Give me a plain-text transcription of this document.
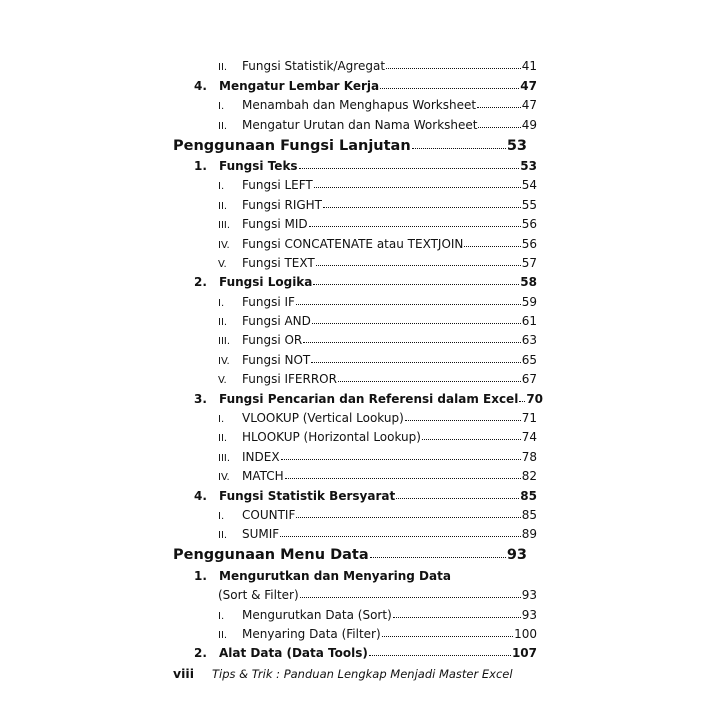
II.	Fungsi Statistik/Agregat	41
4.	Mengatur Lembar Kerja	47
I.	Menambah dan Menghapus Worksheet	47
II.	Mengatur Urutan dan Nama Worksheet	49
Penggunaan Fungsi Lanjutan	53
1.	Fungsi Teks	53
I.	Fungsi LEFT	54
II.	Fungsi RIGHT	55
III. Fungsi MID	56
IV.	Fungsi CONCATENATE atau TEXTJOIN	56
V.	Fungsi TEXT	57
2.	Fungsi Logika	58
I.	Fungsi IF	59
II.	Fungsi AND	61
III. Fungsi OR	63
IV.	Fungsi NOT	65
V.	Fungsi IFERROR	67
3.	Fungsi Pencarian dan Referensi dalam Excel 70
I.	VLOOKUP (Vertical Lookup)	71
II.	HLOOKUP (Horizontal Lookup)	74
III. INDEX	78
IV.	MATCH	82
4.	Fungsi Statistik Bersyarat	85
I.	COUNTIF	85
II.	SUMIF	89
Penggunaan Menu Data	93
1.	Mengurutkan dan Menyaring Data
(Sort & Filter)	93
I.	Mengurutkan Data (Sort)	93
II.	Menyaring Data (Filter)	100
2.	Alat Data (Data Tools)	107
viii Tips & Trik : Panduan Lengkap Menjadi Master Excel
